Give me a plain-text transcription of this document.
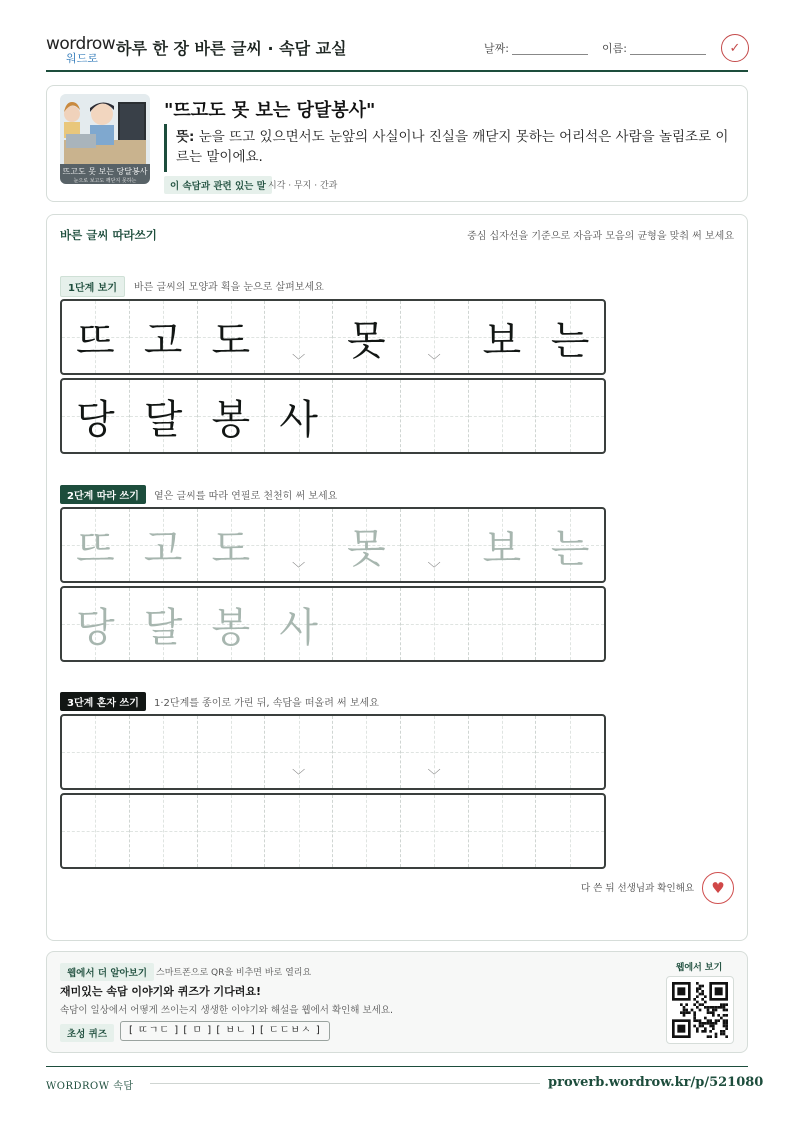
wordrow
워드로
하루 한 장 바른 글씨 · 속담 교실	날짜:	이름:	✓
뜨고도 못 보는 당달봉사
눈으로 보고도 깨닫지 못하는
"뜨고도 못 보는 당달봉사"
뜻: 눈을 뜨고 있으면서도 눈앞의 사실이나 진실을 깨닫지 못하는 어리석은 사람을 놀림조로 이르는 말이에요.
이 속담과 관련 있는 말 시각 · 무지 · 간과
바른 글씨 따라쓰기	중심 십자선을 기준으로 자음과 모음의 균형을 맞춰 써 보세요
1단계 보기	바른 글씨의 모양과 획을 눈으로 살펴보세요
뜨 고 도	﹀ 못	﹀ 보 는
당 달 봉 사
2단계 따라 쓰기	옅은 글씨를 따라 연필로 천천히 써 보세요
뜨 고 도	﹀ 못	﹀ 보 는
당 달 봉 사
3단계 혼자 쓰기	1·2단계를 종이로 가린 뒤, 속담을 떠올려 써 보세요
﹀	﹀
다 쓴 뒤 선생님과 확인해요	♥
웹에서 더 알아보기 스마트폰으로 QR을 비추면 바로 열리요
재미있는 속담 이야기와 퀴즈가 기다려요!
속담이 일상에서 어떻게 쓰이는지 생생한 이야기와 해설을 웹에서 확인해 보세요.
초성 퀴즈	[ ㄸㄱㄷ ] [ ㅁ ] [ ㅂㄴ ] [ ㄷㄷㅂㅅ ]
웹에서 보기
WORDROW 속담	proverb.wordrow.kr/p/521080
